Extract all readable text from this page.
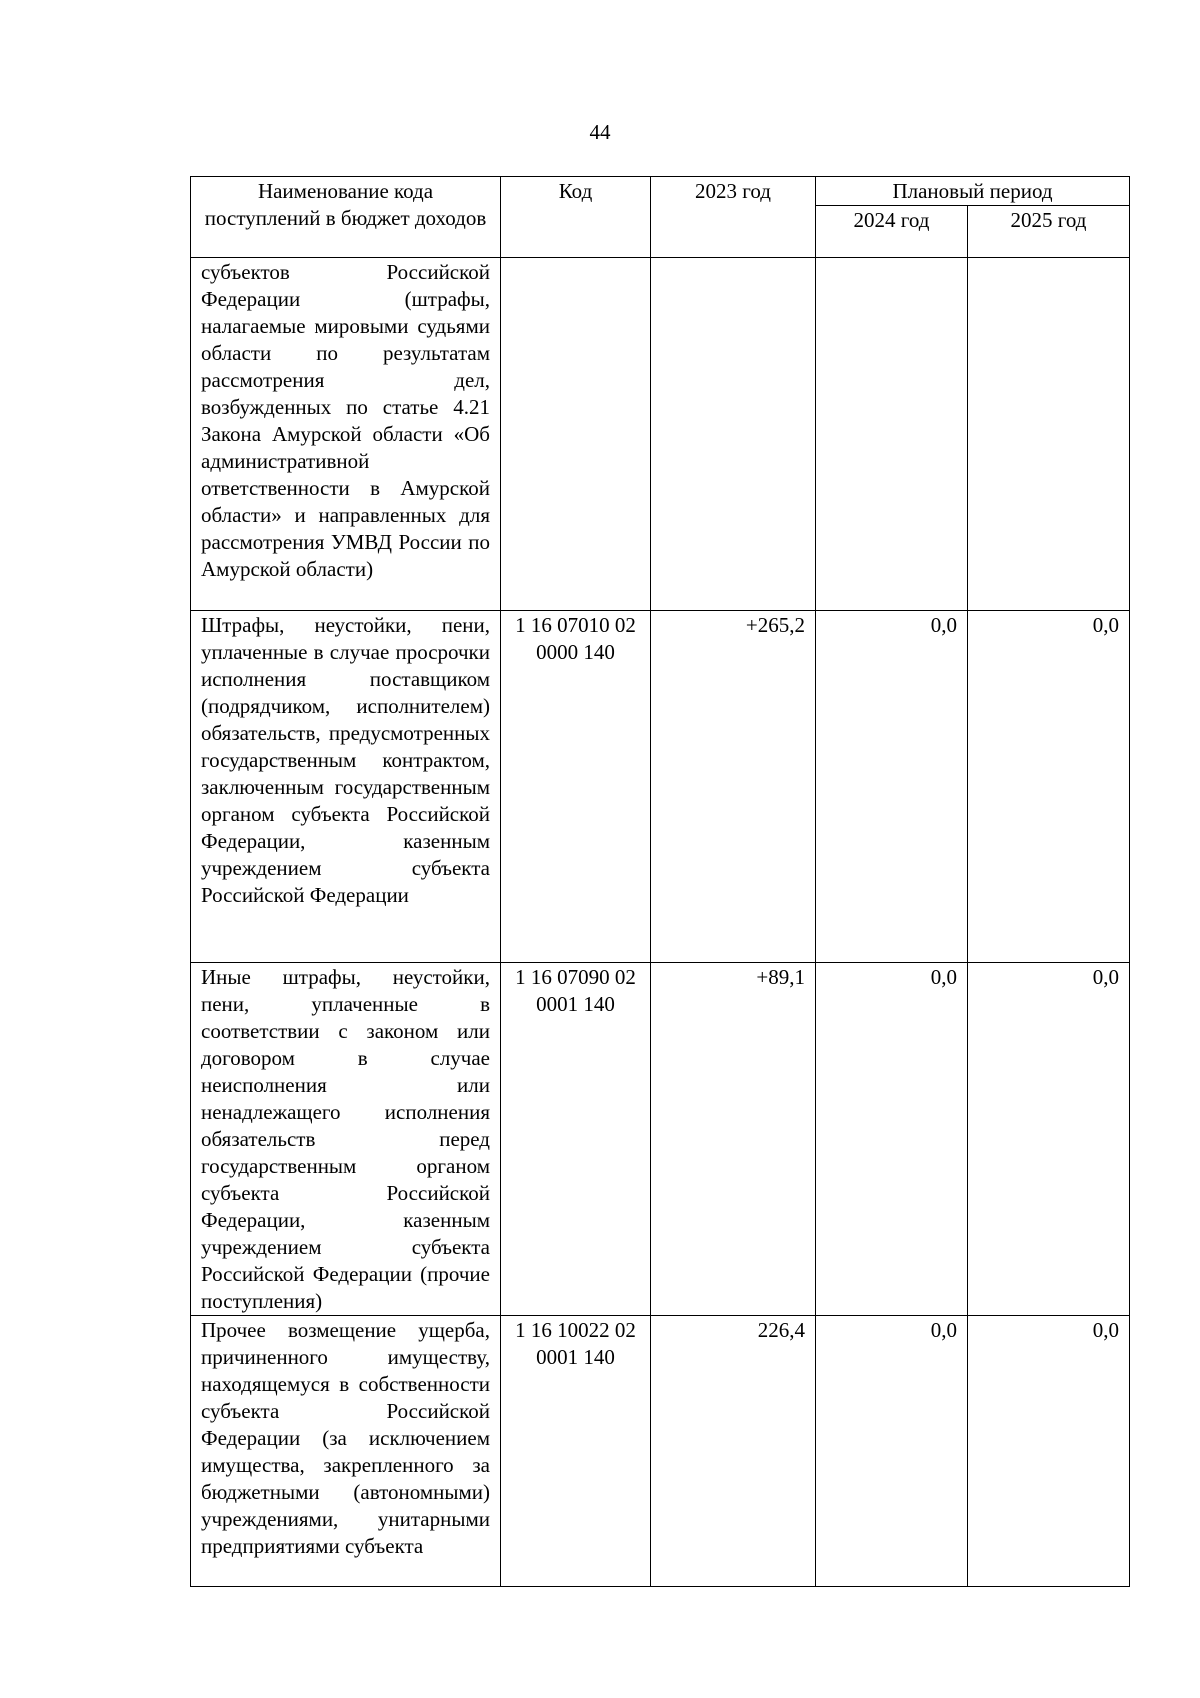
44
Наименование кода поступлений в бюджет доходов	Код	2023 год	Плановый период	
			2024 год	2025 год
субъектов Российской Федерации (штрафы, налагаемые мировыми судьями области по результатам рассмотрения дел, возбужденных по статье 4.21 Закона Амурской области «Об административной ответственности в Амурской области» и направленных для рассмотрения УМВД России по Амурской области)				
Штрафы, неустойки, пени, уплаченные в случае просрочки исполнения поставщиком (подрядчиком, исполнителем) обязательств, предусмотренных государственным контрактом, заключенным государственным органом субъекта Российской Федерации, казенным учреждением субъекта Российской Федерации	1 16 07010 02 0000 140	+265,2	0,0	0,0
Иные штрафы, неустойки, пени, уплаченные в соответствии с законом или договором в случае неисполнения или ненадлежащего исполнения обязательств перед государственным органом субъекта Российской Федерации, казенным учреждением субъекта Российской Федерации (прочие поступления)	1 16 07090 02 0001 140	+89,1	0,0	0,0
Прочее возмещение ущерба, причиненного имуществу, находящемуся в собственности субъекта Российской Федерации (за исключением имущества, закрепленного за бюджетными (автономными) учреждениями, унитарными предприятиями субъекта	1 16 10022 02 0001 140	226,4	0,0	0,0
